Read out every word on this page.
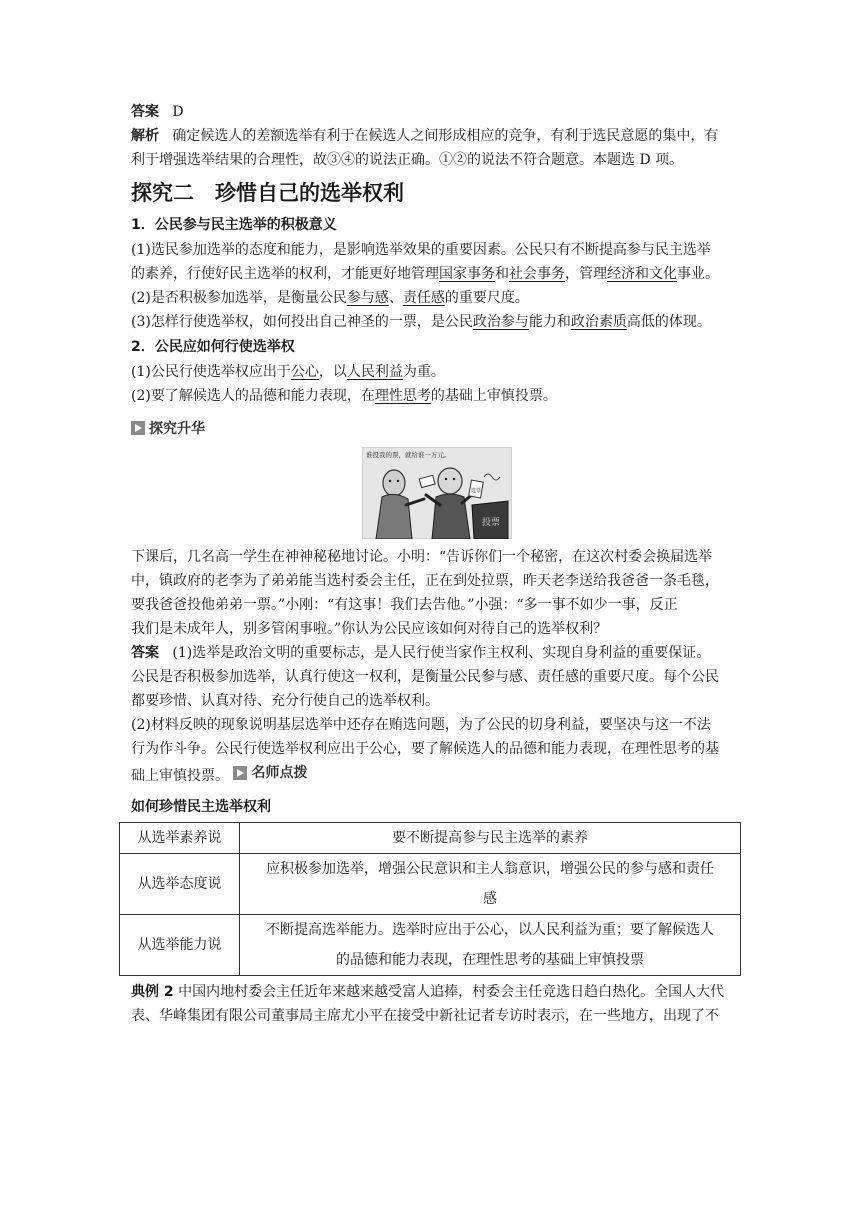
答案 D
解析 确定候选人的差额选举有利于在候选人之间形成相应的竞争，有利于选民意愿的集中，有
利于增强选举结果的合理性，故③④的说法正确。①②的说法不符合题意。本题选 D 项。
探究二　珍惜自己的选举权利
1．公民参与民主选举的积极意义
(1)选民参加选举的态度和能力，是影响选举效果的重要因素。公民只有不断提高参与民主选举
的素养，行使好民主选举的权利，才能更好地管理国家事务和社会事务，管理经济和文化事业。
(2)是否积极参加选举，是衡量公民参与感、责任感的重要尺度。
(3)怎样行使选举权，如何投出自己神圣的一票，是公民政治参与能力和政治素质高低的体现。
2．公民应如何行使选举权
(1)公民行使选举权应出于公心，以人民利益为重。
(2)要了解候选人的品德和能力表现，在理性思考的基础上审慎投票。
探究升华
谁投我的票，就给谁一万元。
选票
投票
下课后，几名高一学生在神神秘秘地讨论。小明：“告诉你们一个秘密，在这次村委会换届选举
中，镇政府的老李为了弟弟能当选村委会主任，正在到处拉票，昨天老李送给我爸爸一条毛毯，
要我爸爸投他弟弟一票。”小刚：“有这事！我们去告他。”小强：“多一事不如少一事，反正
我们是未成年人，别多管闲事啦。”你认为公民应该如何对待自己的选举权利？
答案 (1)选举是政治文明的重要标志，是人民行使当家作主权利、实现自身利益的重要保证。
公民是否积极参加选举，认真行使这一权利，是衡量公民参与感、责任感的重要尺度。每个公民
都要珍惜、认真对待、充分行使自己的选举权利。
(2)材料反映的现象说明基层选举中还存在贿选问题，为了公民的切身利益，要坚决与这一不法
行为作斗争。公民行使选举权利应出于公心，要了解候选人的品德和能力表现，在理性思考的基
础上审慎投票。 名师点拨
如何珍惜民主选举权利
从选举素养说	要不断提高参与民主选举的素养
从选举态度说	应积极参加选举，增强公民意识和主人翁意识，增强公民的参与感和责任
感

从选举能力说	不断提高选举能力。选举时应出于公心，以人民利益为重；要了解候选人
的品德和能力表现，在理性思考的基础上审慎投票
典例 2 中国内地村委会主任近年来越来越受富人追捧，村委会主任竞选日趋白热化。全国人大代
表、华峰集团有限公司董事局主席尤小平在接受中新社记者专访时表示，在一些地方，出现了不
